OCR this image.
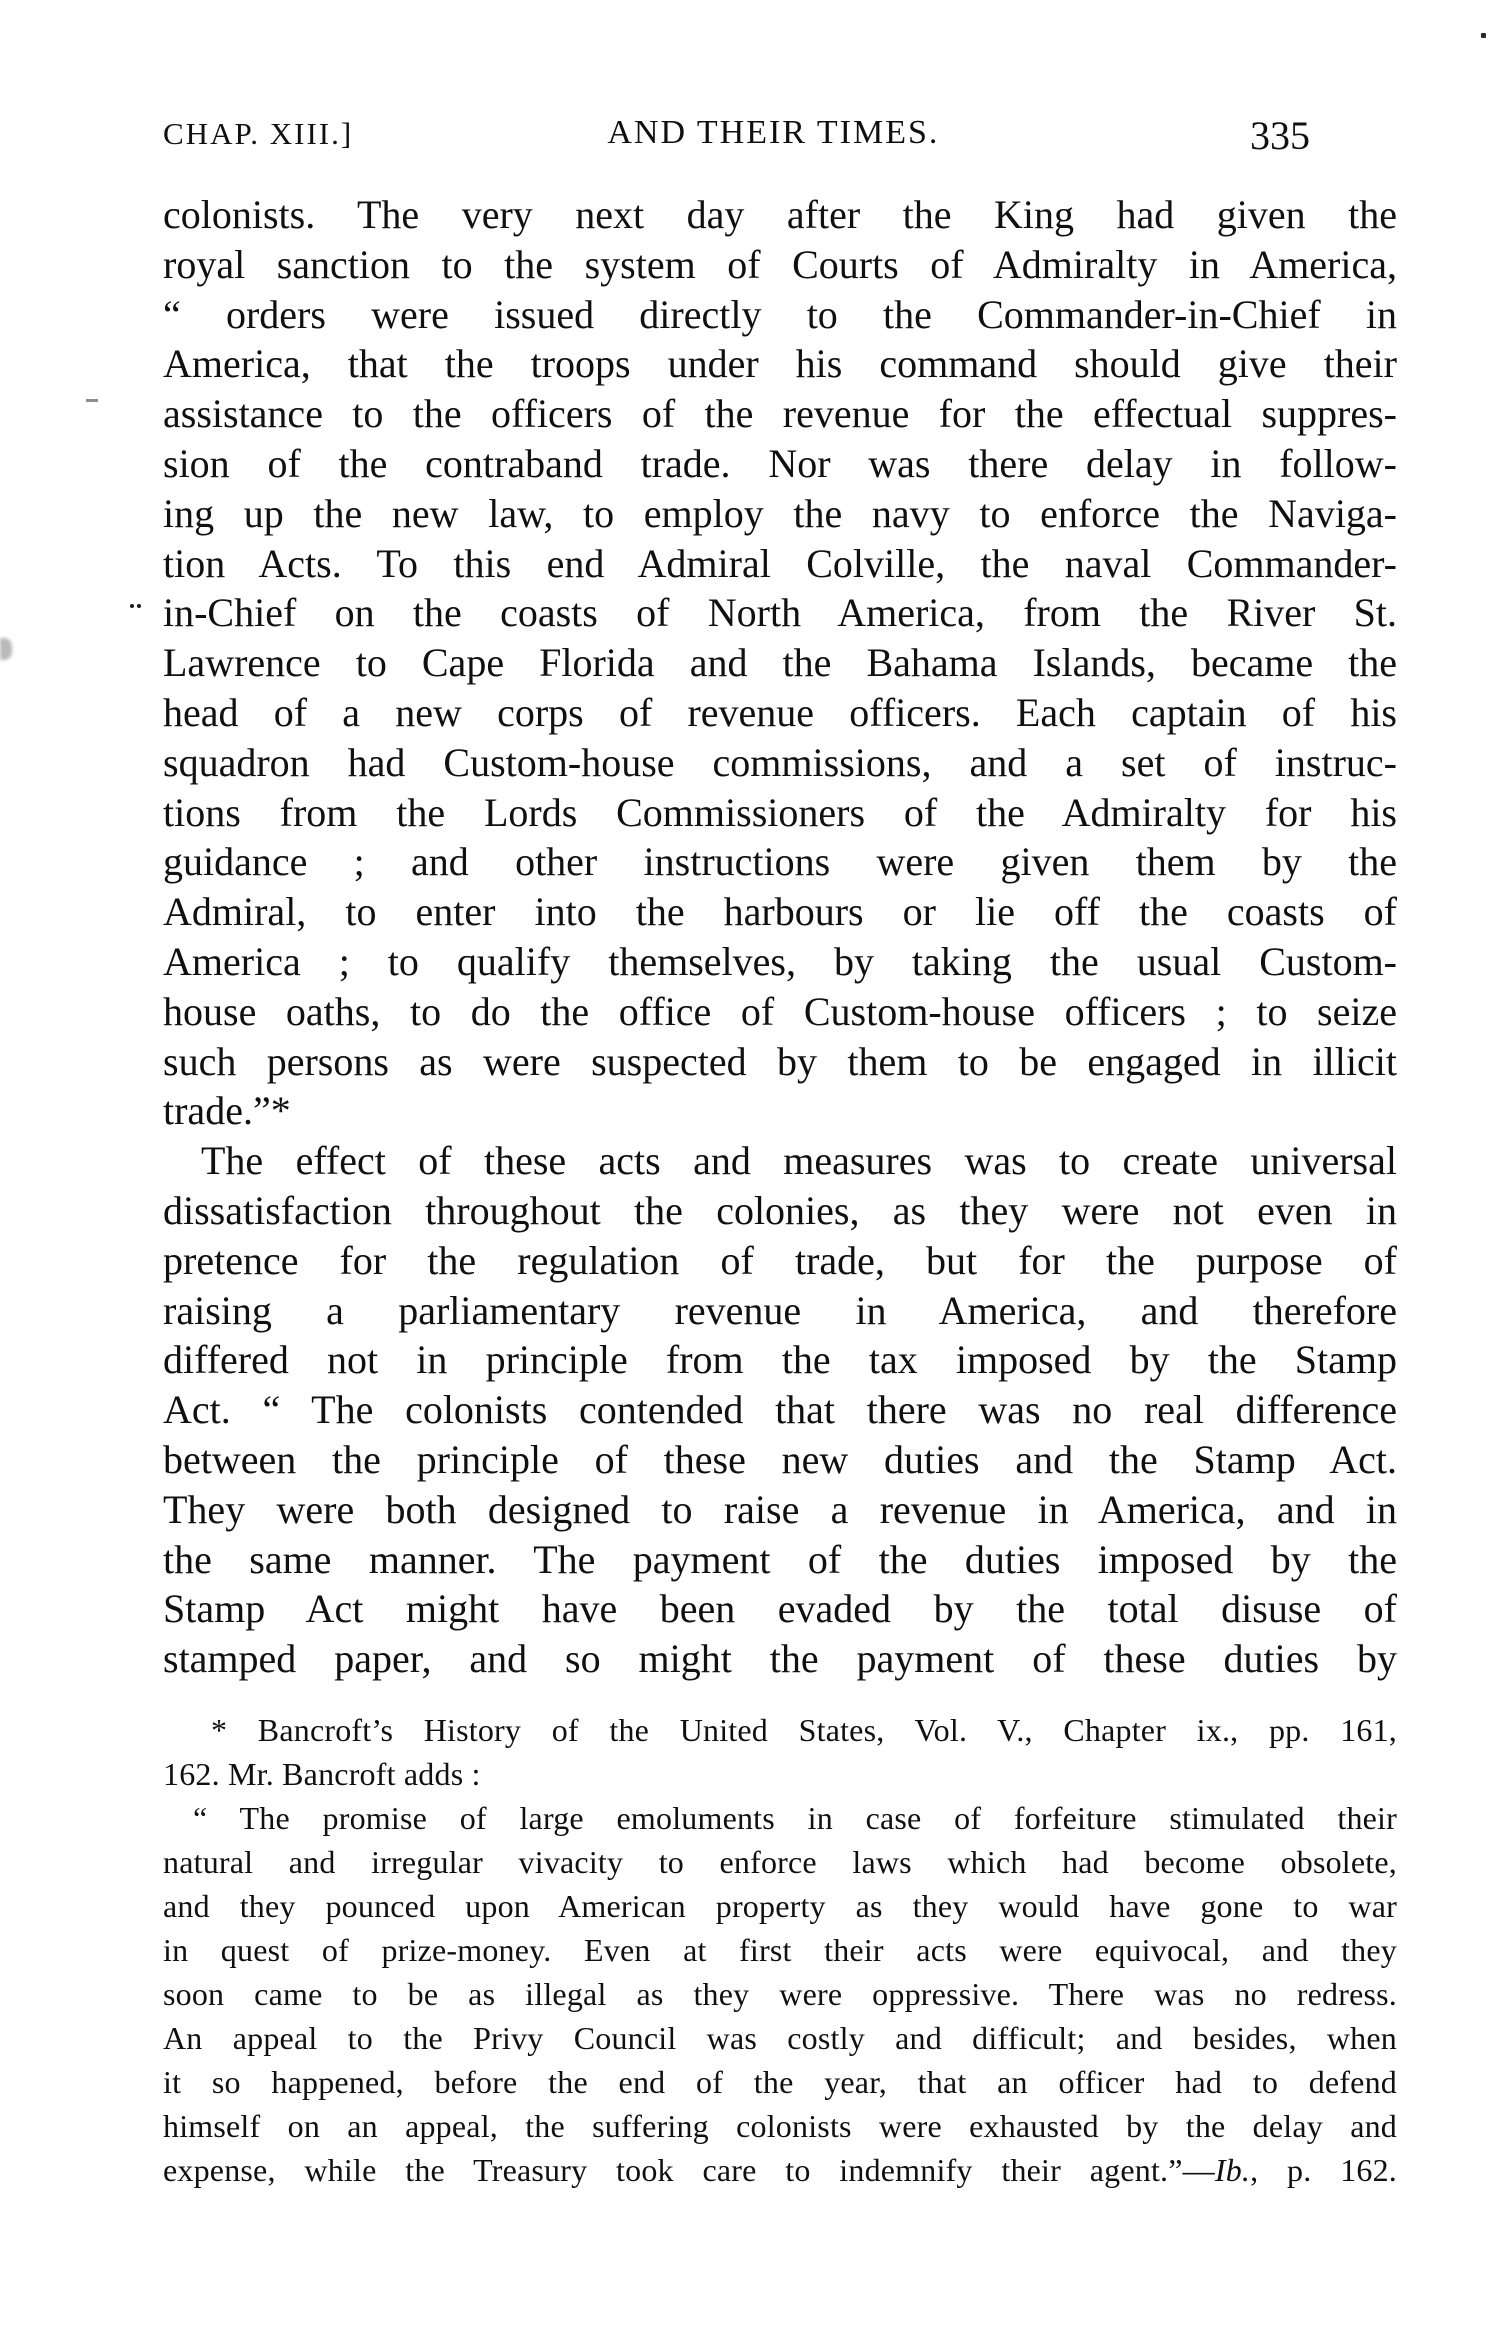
CHAP. XIII.]	AND THEIR TIMES.	335
colonists. The very next day after the King had given the
royal sanction to the system of Courts of Admiralty in America,
“ orders were issued directly to the Commander-in-Chief in
America, that the troops under his command should give their
assistance to the officers of the revenue for the effectual suppres-
sion of the contraband trade. Nor was there delay in follow-
ing up the new law, to employ the navy to enforce the Naviga-
tion Acts. To this end Admiral Colville, the naval Commander-
in-Chief on the coasts of North America, from the River St.
Lawrence to Cape Florida and the Bahama Islands, became the
head of a new corps of revenue officers. Each captain of his
squadron had Custom-house commissions, and a set of instruc-
tions from the Lords Commissioners of the Admiralty for his
guidance ; and other instructions were given them by the
Admiral, to enter into the harbours or lie off the coasts of
America ; to qualify themselves, by taking the usual Custom-
house oaths, to do the office of Custom-house officers ; to seize
such persons as were suspected by them to be engaged in illicit
trade.”*
The effect of these acts and measures was to create universal
dissatisfaction throughout the colonies, as they were not even in
pretence for the regulation of trade, but for the purpose of
raising a parliamentary revenue in America, and therefore
differed not in principle from the tax imposed by the Stamp
Act. “ The colonists contended that there was no real difference
between the principle of these new duties and the Stamp Act.
They were both designed to raise a revenue in America, and in
the same manner. The payment of the duties imposed by the
Stamp Act might have been evaded by the total disuse of
stamped paper, and so might the payment of these duties by
* Bancroft’s History of the United States, Vol. V., Chapter ix., pp. 161,
162. Mr. Bancroft adds :
“ The promise of large emoluments in case of forfeiture stimulated their
natural and irregular vivacity to enforce laws which had become obsolete,
and they pounced upon American property as they would have gone to war
in quest of prize-money. Even at first their acts were equivocal, and they
soon came to be as illegal as they were oppressive. There was no redress.
An appeal to the Privy Council was costly and difficult; and besides, when
it so happened, before the end of the year, that an officer had to defend
himself on an appeal, the suffering colonists were exhausted by the delay and
expense, while the Treasury took care to indemnify their agent.”—Ib., p. 162.
